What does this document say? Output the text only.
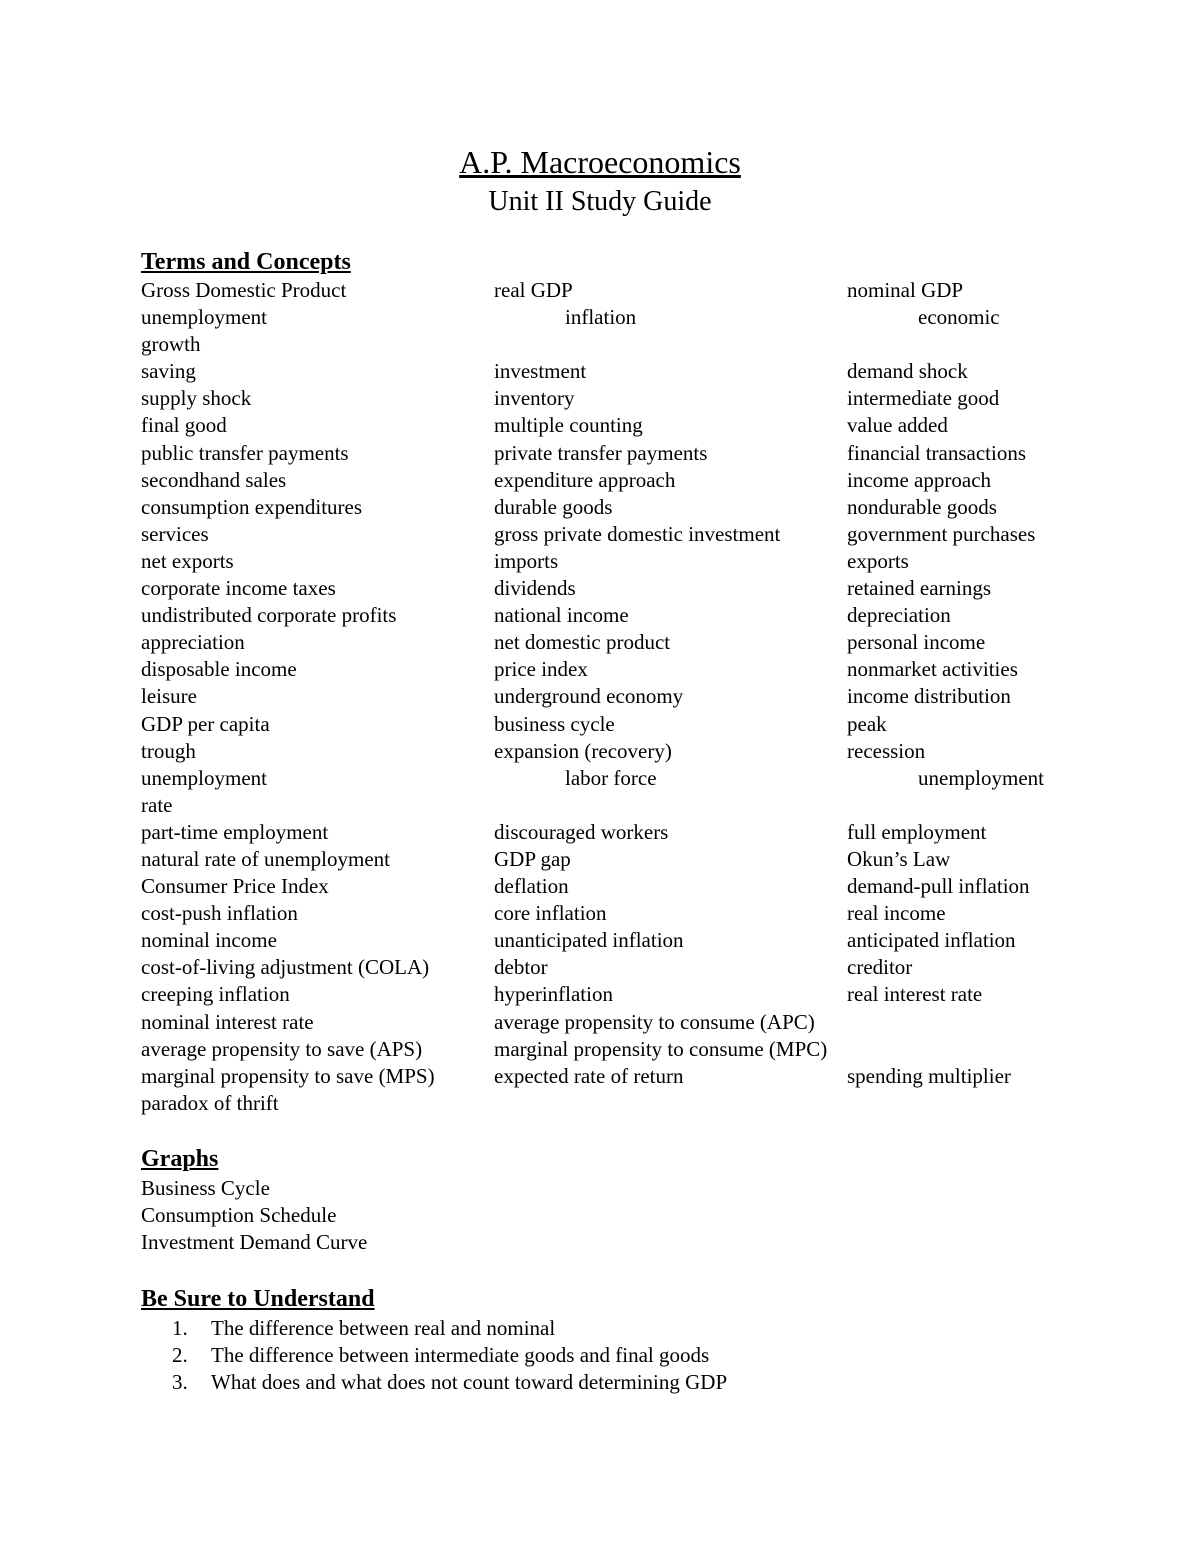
A.P. Macroeconomics
Unit II Study Guide
Terms and Concepts
Gross Domestic Product	real GDP	nominal GDP
unemployment	inflation	economic
growth
saving	investment	demand shock
supply shock	inventory	intermediate good
final good	multiple counting	value added
public transfer payments	private transfer payments	financial transactions
secondhand sales	expenditure approach	income approach
consumption expenditures	durable goods	nondurable goods
services	gross private domestic investment	government purchases
net exports	imports	exports
corporate income taxes	dividends	retained earnings
undistributed corporate profits	national income	depreciation
appreciation	net domestic product	personal income
disposable income	price index	nonmarket activities
leisure	underground economy	income distribution
GDP per capita	business cycle	peak
trough	expansion (recovery)	recession
unemployment	labor force	unemployment
rate
part-time employment	discouraged workers	full employment
natural rate of unemployment	GDP gap	Okun’s Law
Consumer Price Index	deflation	demand-pull inflation
cost-push inflation	core inflation	real income
nominal income	unanticipated inflation	anticipated inflation
cost-of-living adjustment (COLA)	debtor	creditor
creeping inflation	hyperinflation	real interest rate
nominal interest rate	average propensity to consume (APC)
average propensity to save (APS)	marginal propensity to consume (MPC)
marginal propensity to save (MPS)	expected rate of return	spending multiplier
paradox of thrift
Graphs
Business Cycle
Consumption Schedule
Investment Demand Curve
Be Sure to Understand
1. The difference between real and nominal
2. The difference between intermediate goods and final goods
3. What does and what does not count toward determining GDP
